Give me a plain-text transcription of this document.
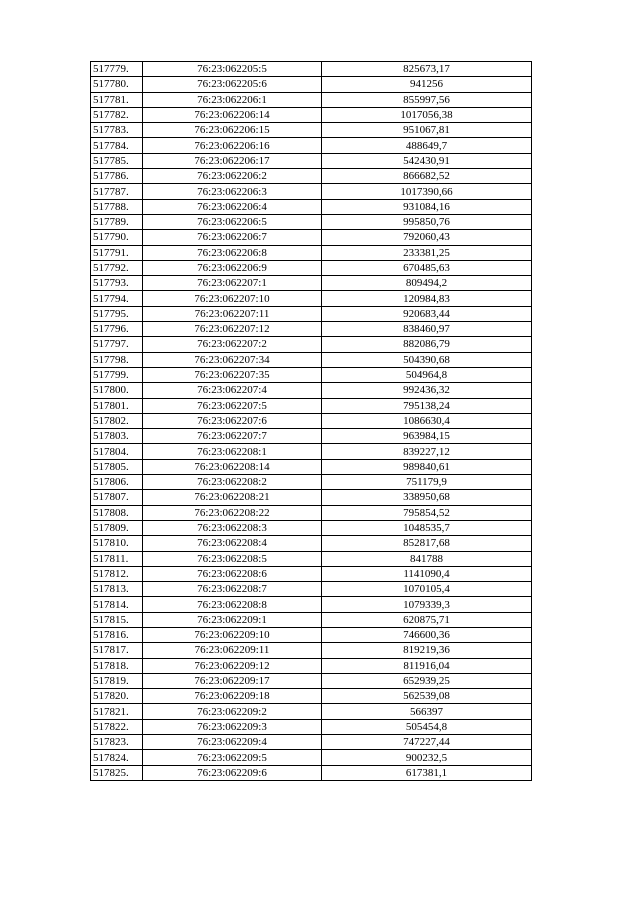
517779.	76:23:062205:5	825673,17
517780.	76:23:062205:6	941256
517781.	76:23:062206:1	855997,56
517782.	76:23:062206:14	1017056,38
517783.	76:23:062206:15	951067,81
517784.	76:23:062206:16	488649,7
517785.	76:23:062206:17	542430,91
517786.	76:23:062206:2	866682,52
517787.	76:23:062206:3	1017390,66
517788.	76:23:062206:4	931084,16
517789.	76:23:062206:5	995850,76
517790.	76:23:062206:7	792060,43
517791.	76:23:062206:8	233381,25
517792.	76:23:062206:9	670485,63
517793.	76:23:062207:1	809494,2
517794.	76:23:062207:10	120984,83
517795.	76:23:062207:11	920683,44
517796.	76:23:062207:12	838460,97
517797.	76:23:062207:2	882086,79
517798.	76:23:062207:34	504390,68
517799.	76:23:062207:35	504964,8
517800.	76:23:062207:4	992436,32
517801.	76:23:062207:5	795138,24
517802.	76:23:062207:6	1086630,4
517803.	76:23:062207:7	963984,15
517804.	76:23:062208:1	839227,12
517805.	76:23:062208:14	989840,61
517806.	76:23:062208:2	751179,9
517807.	76:23:062208:21	338950,68
517808.	76:23:062208:22	795854,52
517809.	76:23:062208:3	1048535,7
517810.	76:23:062208:4	852817,68
517811.	76:23:062208:5	841788
517812.	76:23:062208:6	1141090,4
517813.	76:23:062208:7	1070105,4
517814.	76:23:062208:8	1079339,3
517815.	76:23:062209:1	620875,71
517816.	76:23:062209:10	746600,36
517817.	76:23:062209:11	819219,36
517818.	76:23:062209:12	811916,04
517819.	76:23:062209:17	652939,25
517820.	76:23:062209:18	562539,08
517821.	76:23:062209:2	566397
517822.	76:23:062209:3	505454,8
517823.	76:23:062209:4	747227,44
517824.	76:23:062209:5	900232,5
517825.	76:23:062209:6	617381,1
